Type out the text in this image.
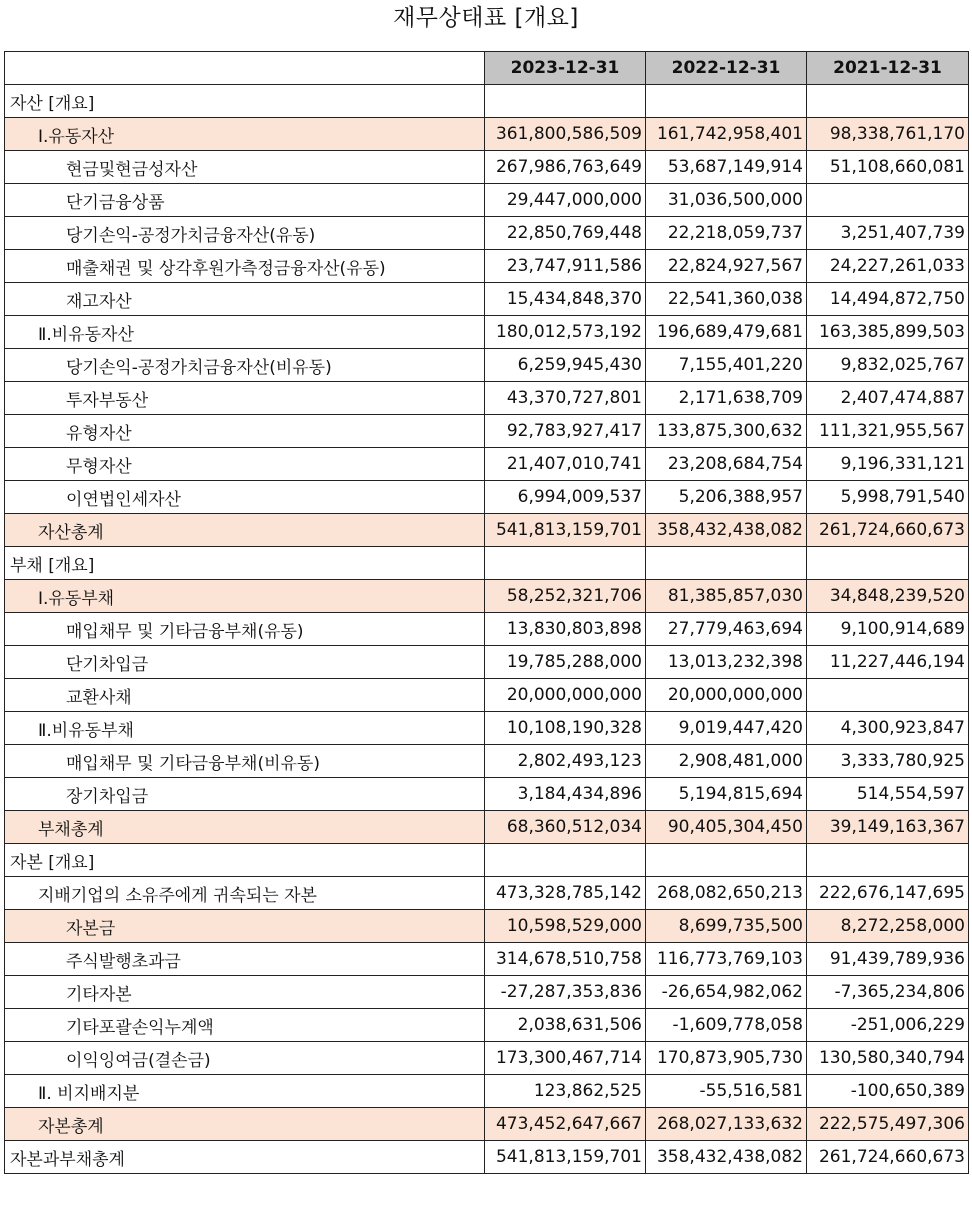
재무상태표 [개요]
	2023-12-31	2022-12-31	2021-12-31
자산 [개요]			
Ⅰ.유동자산	361,800,586,509	161,742,958,401	98,338,761,170
현금및현금성자산	267,986,763,649	53,687,149,914	51,108,660,081
단기금융상품	29,447,000,000	31,036,500,000	
당기손익-공정가치금융자산(유동)	22,850,769,448	22,218,059,737	3,251,407,739
매출채권 및 상각후원가측정금융자산(유동)	23,747,911,586	22,824,927,567	24,227,261,033
재고자산	15,434,848,370	22,541,360,038	14,494,872,750
Ⅱ.비유동자산	180,012,573,192	196,689,479,681	163,385,899,503
당기손익-공정가치금융자산(비유동)	6,259,945,430	7,155,401,220	9,832,025,767
투자부동산	43,370,727,801	2,171,638,709	2,407,474,887
유형자산	92,783,927,417	133,875,300,632	111,321,955,567
무형자산	21,407,010,741	23,208,684,754	9,196,331,121
이연법인세자산	6,994,009,537	5,206,388,957	5,998,791,540
자산총계	541,813,159,701	358,432,438,082	261,724,660,673
부채 [개요]			
Ⅰ.유동부채	58,252,321,706	81,385,857,030	34,848,239,520
매입채무 및 기타금융부채(유동)	13,830,803,898	27,779,463,694	9,100,914,689
단기차입금	19,785,288,000	13,013,232,398	11,227,446,194
교환사채	20,000,000,000	20,000,000,000	
Ⅱ.비유동부채	10,108,190,328	9,019,447,420	4,300,923,847
매입채무 및 기타금융부채(비유동)	2,802,493,123	2,908,481,000	3,333,780,925
장기차입금	3,184,434,896	5,194,815,694	514,554,597
부채총계	68,360,512,034	90,405,304,450	39,149,163,367
자본 [개요]			
지배기업의 소유주에게 귀속되는 자본	473,328,785,142	268,082,650,213	222,676,147,695
자본금	10,598,529,000	8,699,735,500	8,272,258,000
주식발행초과금	314,678,510,758	116,773,769,103	91,439,789,936
기타자본	-27,287,353,836	-26,654,982,062	-7,365,234,806
기타포괄손익누계액	2,038,631,506	-1,609,778,058	-251,006,229
이익잉여금(결손금)	173,300,467,714	170,873,905,730	130,580,340,794
Ⅱ. 비지배지분	123,862,525	-55,516,581	-100,650,389
자본총계	473,452,647,667	268,027,133,632	222,575,497,306
자본과부채총계	541,813,159,701	358,432,438,082	261,724,660,673
